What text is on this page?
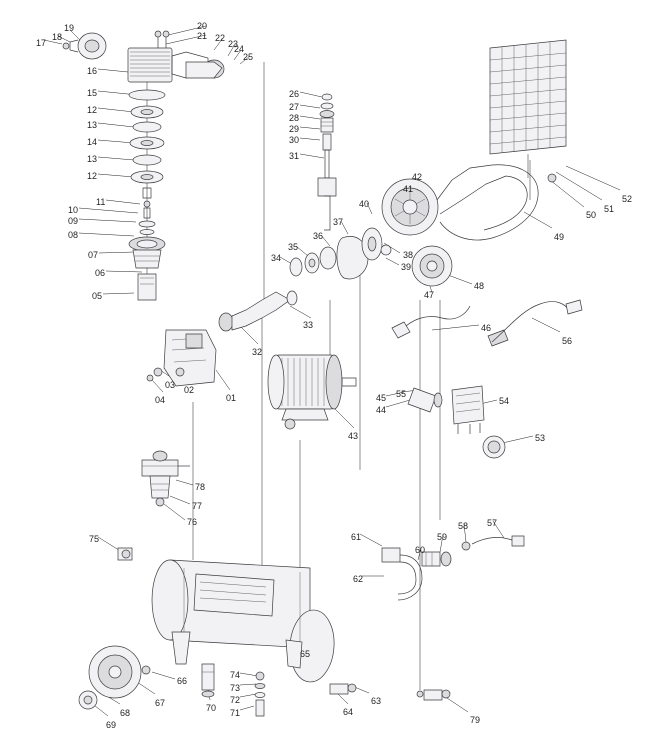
17
18
19	20
21 22
23
24
25
16
15
12
13
14
13
12
11
10
09
08
07
06
05
26
27
28
29
30
31
42
41
40
37
36
35
34	38
39
47
48
49
50
51
52
46
56
33
32
03
04
02
01
43
45
44
55
54
53
78
77
76
75	61
60
59
58 57
62
65
66
67
68
69
70 71
72
73
74
63
64
79
